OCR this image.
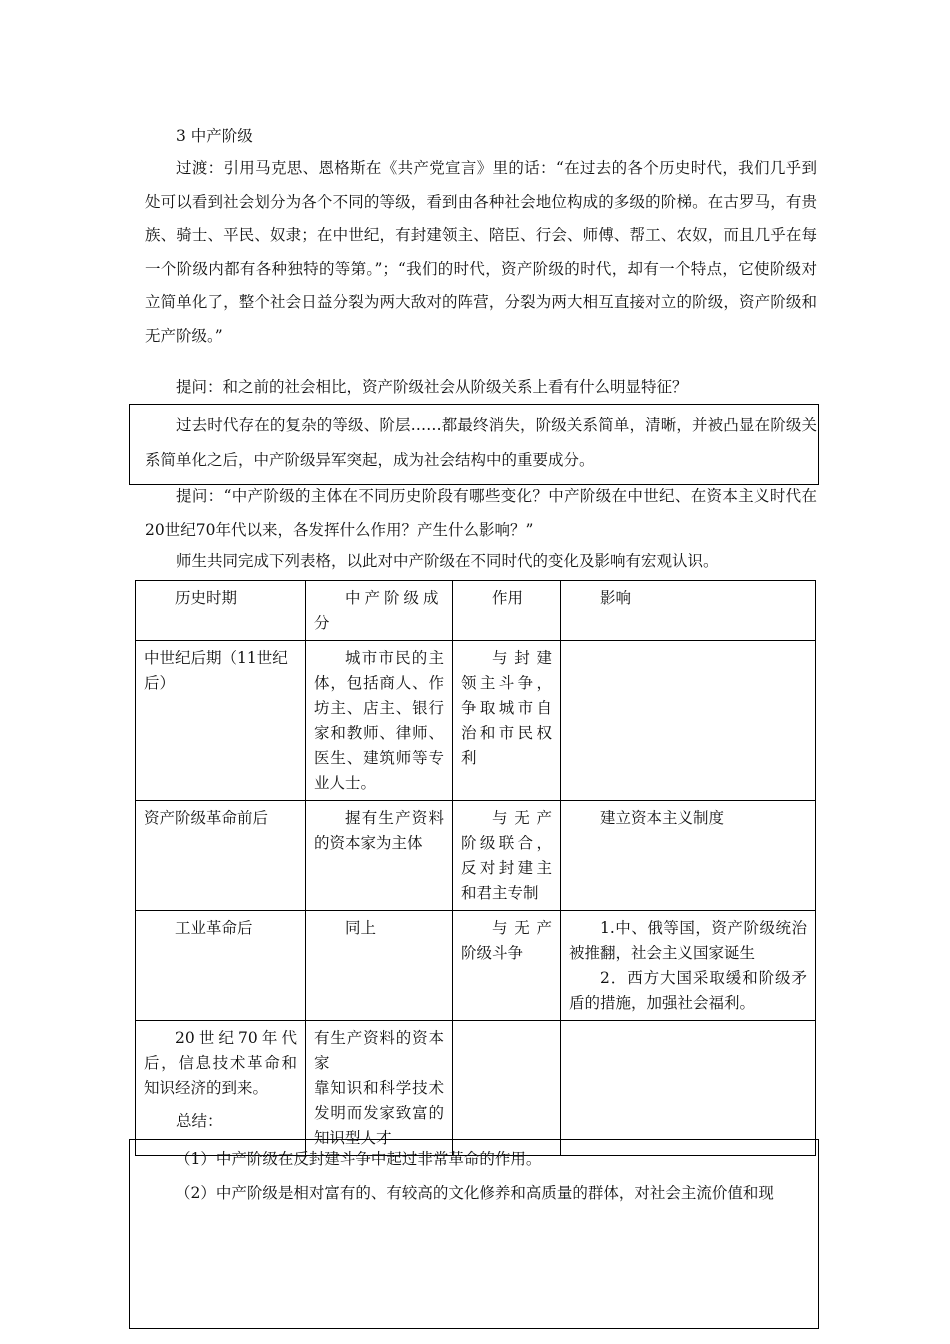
3 中产阶级

过渡：引用马克思、恩格斯在《共产党宣言》里的话：“在过去的各个历史时代，我们几乎到处可以看到社会划分为各个不同的等级，看到由各种社会地位构成的多级的阶梯。在古罗马，有贵族、骑士、平民、奴隶；在中世纪，有封建领主、陪臣、行会、师傅、帮工、农奴，而且几乎在每一个阶级内都有各种独特的等第。”；“我们的时代，资产阶级的时代，却有一个特点，它使阶级对立简单化了，整个社会日益分裂为两大敌对的阵营，分裂为两大相互直接对立的阶级，资产阶级和无产阶级。”

提问：和之前的社会相比，资产阶级社会从阶级关系上看有什么明显特征？

过去时代存在的复杂的等级、阶层……都最终消失，阶级关系简单，清晰，并被凸显在阶级关系简单化之后，中产阶级异军突起，成为社会结构中的重要成分。

提问：“中产阶级的主体在不同历史阶段有哪些变化？中产阶级在中世纪、在资本主义时代在20世纪70年代以来，各发挥什么作用？产生什么影响？”

师生共同完成下列表格，以此对中产阶级在不同时代的变化及影响有宏观认识。

历史时期	中产阶级成分	作用	影响
中世纪后期（11世纪后）	城市市民的主体，包括商人、作坊主、店主、银行家和教师、律师、医生、建筑师等专业人士。	与封建领主斗争，争取城市自治和市民权利	
资产阶级革命前后	握有生产资料的资本家为主体	与无产阶级联合，反对封建主和君主专制	建立资本主义制度
工业革命后	同上	与无产阶级斗争	1.中、俄等国，资产阶级统治被推翻，社会主义国家诞生
2．西方大国采取缓和阶级矛盾的措施，加强社会福利。

20世纪70年代后，信息技术革命和知识经济的到来。	有生产资料的资本家
靠知识和科学技术发明而发家致富的知识型人才		

总结：
（1）中产阶级在反封建斗争中起过非常革命的作用。
（2）中产阶级是相对富有的、有较高的文化修养和高质量的群体，对社会主流价值和现
